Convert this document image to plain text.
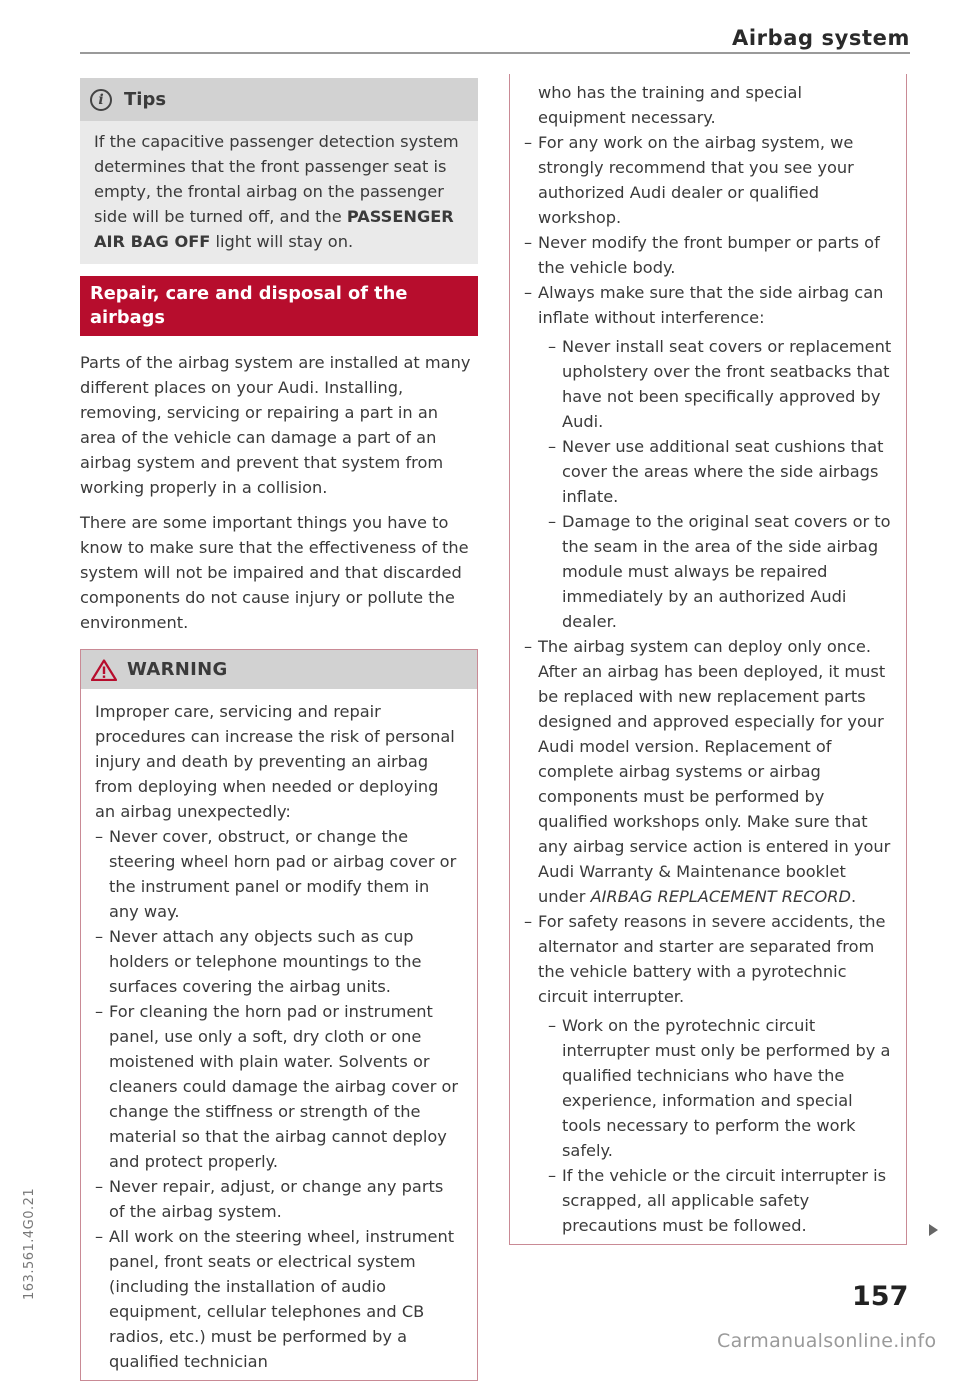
Airbag system
163.561.4G0.21
i	Tips
If the capacitive passenger detection system determines that the front passenger seat is empty, the frontal airbag on the passenger side will be turned off, and the PASSENGER AIR BAG OFF light will stay on.
Repair, care and disposal of the airbags

Parts of the airbag system are installed at many different places on your Audi. Installing, removing, servicing or repairing a part in an area of the vehicle can damage a part of an airbag system and prevent that system from working properly in a collision.

There are some important things you have to know to make sure that the effectiveness of the system will not be impaired and that discarded components do not cause injury or pollute the environment.

WARNING
Improper care, servicing and repair procedures can increase the risk of personal injury and death by preventing an airbag from deploying when needed or deploying an airbag unexpectedly:
– Never cover, obstruct, or change the steering wheel horn pad or airbag cover or the instrument panel or modify them in any way.
– Never attach any objects such as cup holders or telephone mountings to the surfaces covering the airbag units.
– For cleaning the horn pad or instrument panel, use only a soft, dry cloth or one moistened with plain water. Solvents or cleaners could damage the airbag cover or change the stiffness or strength of the material so that the airbag cannot deploy and protect properly.
– Never repair, adjust, or change any parts of the airbag system.
– All work on the steering wheel, instrument panel, front seats or electrical system (including the installation of audio equipment, cellular telephones and CB radios, etc.) must be performed by a qualified technician
who has the training and special equipment necessary.
– For any work on the airbag system, we strongly recommend that you see your authorized Audi dealer or qualified workshop.
– Never modify the front bumper or parts of the vehicle body.
– Always make sure that the side airbag can inflate without interference:
– Never install seat covers or replacement upholstery over the front seatbacks that have not been specifically approved by Audi.
– Never use additional seat cushions that cover the areas where the side airbags inflate.
– Damage to the original seat covers or to the seam in the area of the side airbag module must always be repaired immediately by an authorized Audi dealer.
– The airbag system can deploy only once. After an airbag has been deployed, it must be replaced with new replacement parts designed and approved especially for your Audi model version. Replacement of complete airbag systems or airbag components must be performed by qualified workshops only. Make sure that any airbag service action is entered in your Audi Warranty & Maintenance booklet under AIRBAG REPLACEMENT RECORD.
– For safety reasons in severe accidents, the alternator and starter are separated from the vehicle battery with a pyrotechnic circuit interrupter.
– Work on the pyrotechnic circuit interrupter must only be performed by a qualified technicians who have the experience, information and special tools necessary to perform the work safely.
– If the vehicle or the circuit interrupter is scrapped, all applicable safety precautions must be followed.
157
Carmanualsonline.info
